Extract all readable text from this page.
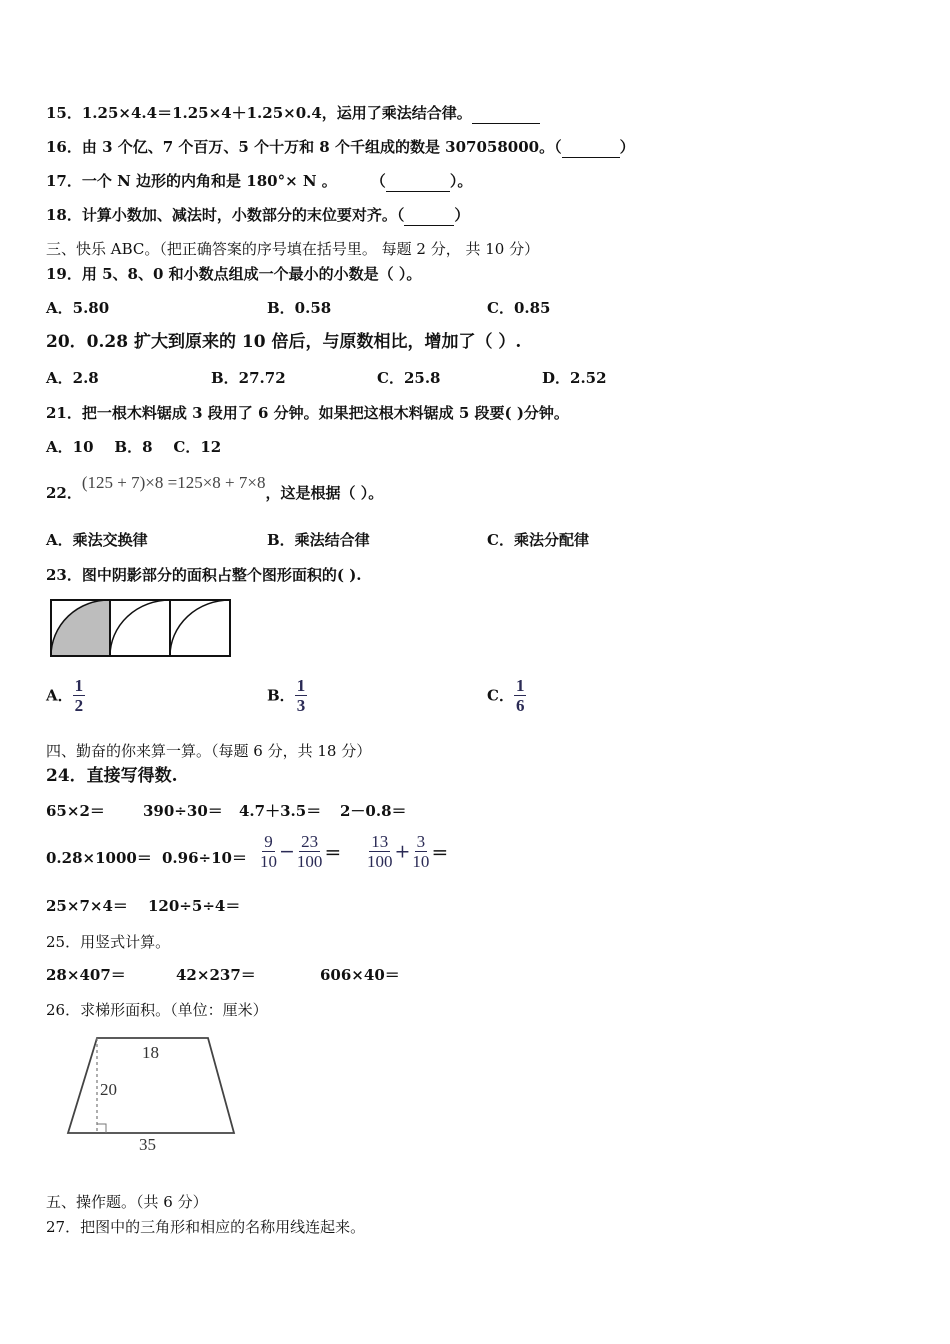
15．1.25×4.4＝1.25×4＋1.25×0.4，运用了乘法结合律。
16．由 3 个亿、7 个百万、5 个十万和 8 个千组成的数是 307058000。（	）
17．一个 N 边形的内角和是 180°× N 。 （	）。
18．计算小数加、减法时，小数部分的末位要对齐。（	）
三、快乐 ABC。（把正确答案的序号填在括号里。 每题 2 分， 共 10 分）
19．用 5、8、0 和小数点组成一个最小的小数是（ ）。
A．5.80	B．0.58	C．0.85
20．0.28 扩大到原来的 10 倍后，与原数相比，增加了（ ）.
A．2.8	B．27.72	C．25.8	D．2.52
21．把一根木料锯成 3 段用了 6 分钟。如果把这根木料锯成 5 段要( )分钟。
A．10    B．8    C．12
22．(125 + 7)×8 =125×8 + 7×8，这是根据（ ）。
A．乘法交换律	B．乘法结合律	C．乘法分配律
23．图中阴影部分的面积占整个图形面积的( ).
A． $\frac{1}{2}$	B． $\frac{1}{3}$	C． $\frac{1}{6}$
四、勤奋的你来算一算。（每题 6 分，共 18 分）
24．直接写得数.
65×2＝	390÷30＝ 4.7＋3.5＝ 2－0.8＝
$0.28\times 1000= 0.96\div 10= \frac{9}{10} - \frac{23}{100} = \frac{13}{100} + \frac{3}{10}$ ＝
25×7×4＝ 120÷5÷4＝
25．用竖式计算。
28×407＝	42×237＝	606×40＝
26．求梯形面积。（单位：厘米）
18
20
35
五、操作题。（共 6 分）
27．把图中的三角形和相应的名称用线连起来。
